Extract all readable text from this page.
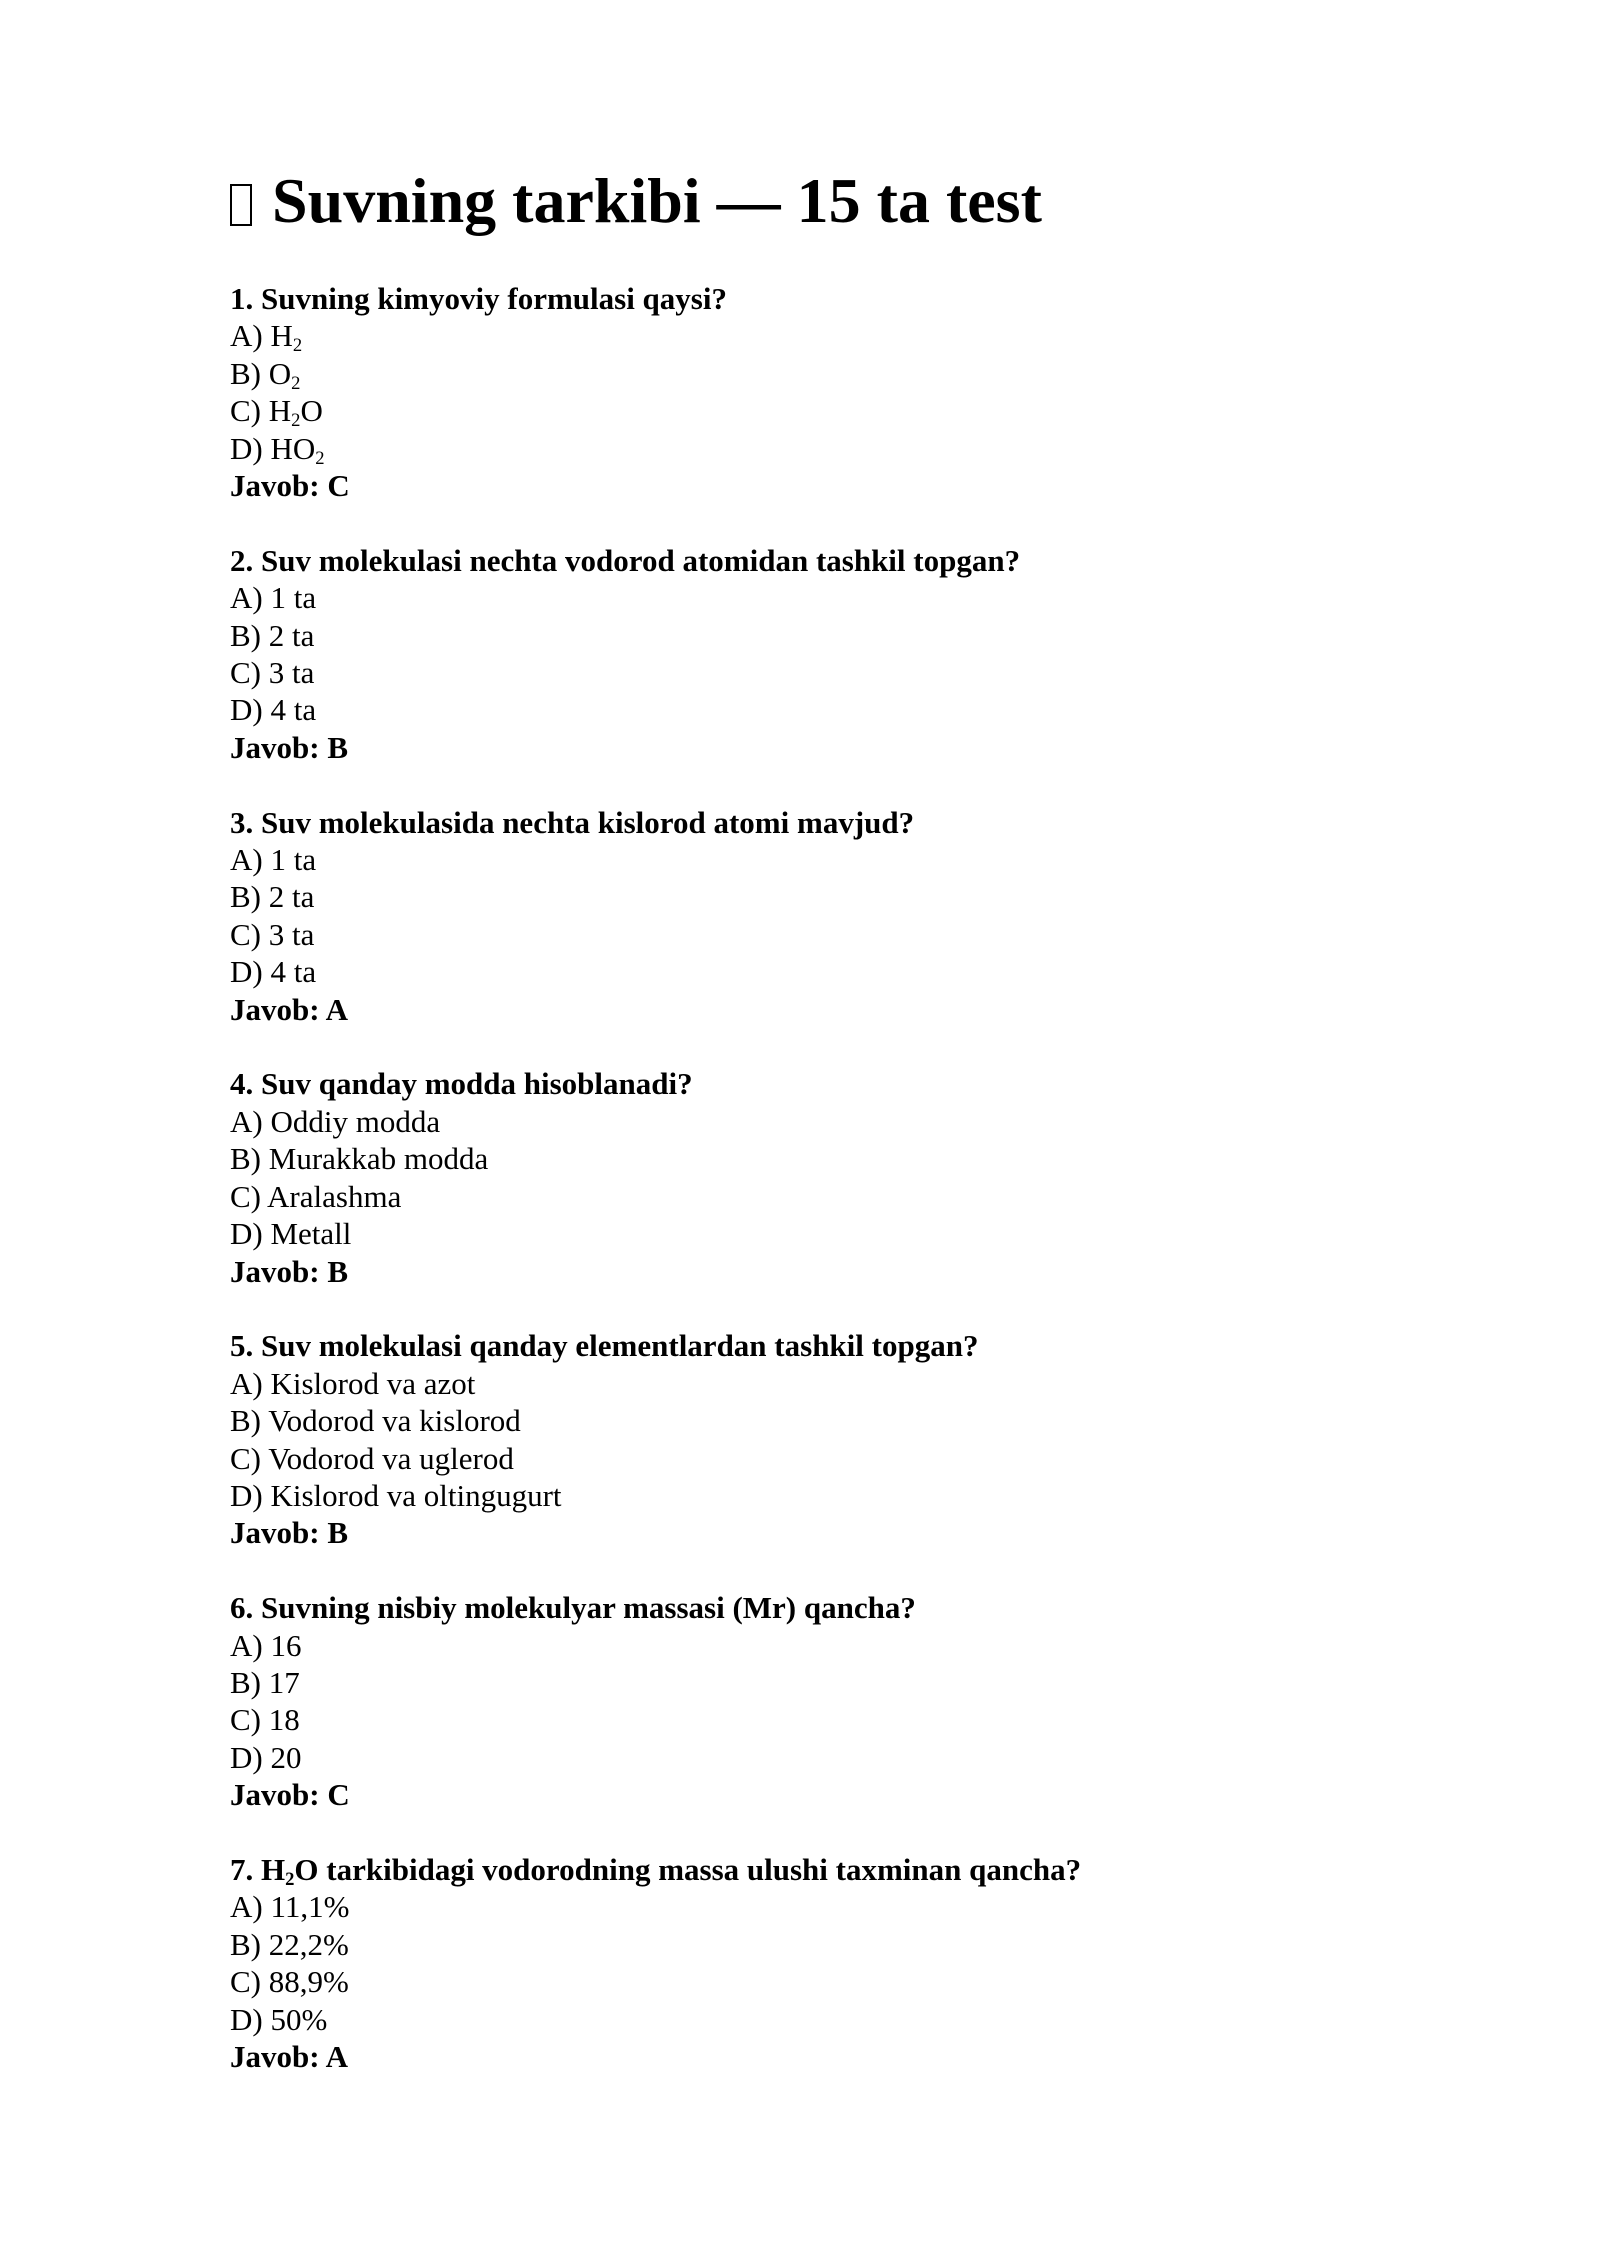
Suvning tarkibi — 15 ta test
1. Suvning kimyoviy formulasi qaysi?
A) $H_2$
B) $O_2$
C) $H_2O$
D) $HO_2$
Javob: C
2. Suv molekulasi nechta vodorod atomidan tashkil topgan?
A) 1 ta
B) 2 ta
C) 3 ta
D) 4 ta
Javob: B
3. Suv molekulasida nechta kislorod atomi mavjud?
A) 1 ta
B) 2 ta
C) 3 ta
D) 4 ta
Javob: A
4. Suv qanday modda hisoblanadi?
A) Oddiy modda
B) Murakkab modda
C) Aralashma
D) Metall
Javob: B
5. Suv molekulasi qanday elementlardan tashkil topgan?
A) Kislorod va azot
B) Vodorod va kislorod
C) Vodorod va uglerod
D) Kislorod va oltingugurt
Javob: B
6. Suvning nisbiy molekulyar massasi (Mr) qancha?
A) 16
B) 17
C) 18
D) 20
Javob: C
7. $H_2O$ tarkibidagi vodorodning massa ulushi taxminan qancha?
A) 11,1%
B) 22,2%
C) 88,9%
D) 50%
Javob: A
